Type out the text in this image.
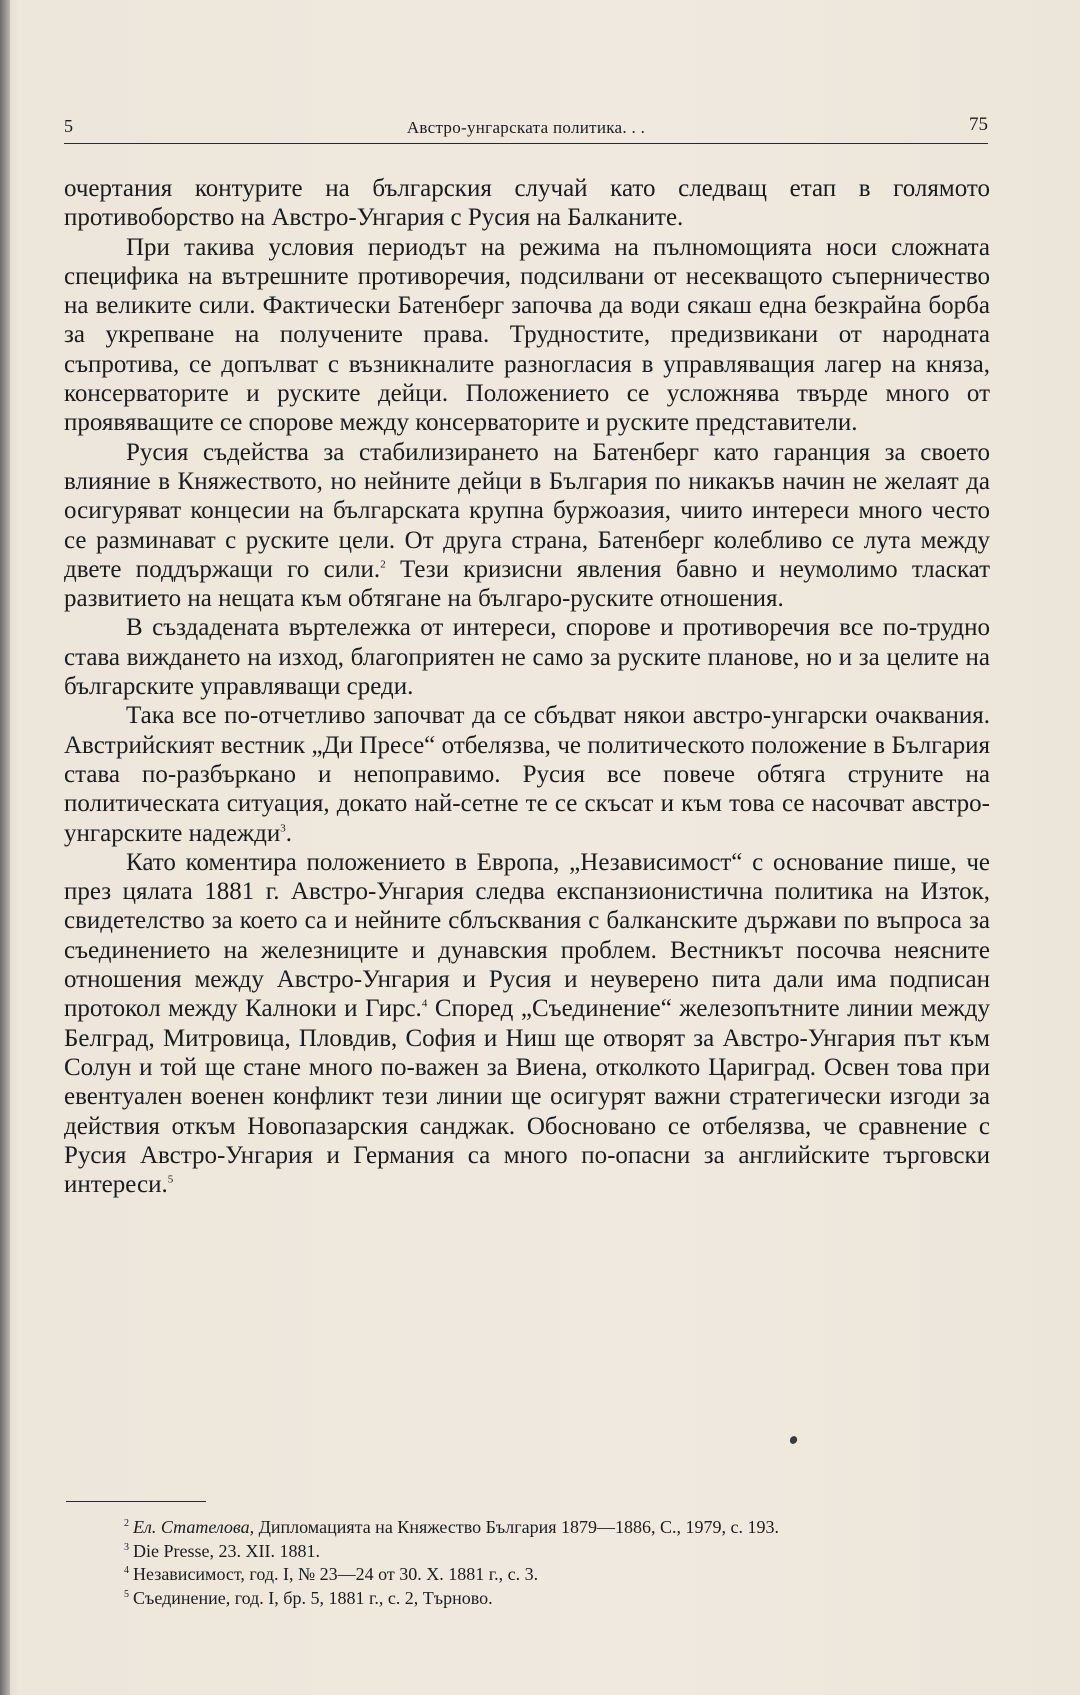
5	Австро-унгарската политика. . .	75

очертания контурите на българския случай като следващ етап в голямото противоборство на Австро-Унгария с Русия на Балканите.

При такива условия периодът на режима на пълномощията носи сложната специфика на вътрешните противоречия, подсилвани от несекващото съперничество на великите сили. Фактически Батенберг започва да води сякаш една безкрайна борба за укрепване на получените права. Трудностите, предизвикани от народната съпротива, се допълват с възникналите разногласия в управляващия лагер на княза, консерваторите и руските дейци. Положението се усложнява твърде много от проявяващите се спорове между консерваторите и руските представители.

Русия съдейства за стабилизирането на Батенберг като гаранция за своето влияние в Княжеството, но нейните дейци в България по никакъв начин не желаят да осигуряват концесии на българската крупна буржоазия, чиито интереси много често се разминават с руските цели. От друга страна, Батенберг колебливо се лута между двете поддържащи го сили.$^2$ Тези кризисни явления бавно и неумолимо тласкат развитието на нещата към обтягане на българо-руските отношения.

В създадената въртележка от интереси, спорове и противоречия все по-трудно става виждането на изход, благоприятен не само за руските планове, но и за целите на българските управляващи среди.

Така все по-отчетливо започват да се сбъдват някои австро-унгарски очаквания. Австрийският вестник „Ди Пресе“ отбелязва, че политическото положение в България става по-разбъркано и непоправимо. Русия все повече обтяга струните на политическата ситуация, докато най-сетне те се скъсат и към това се насочват австро-унгарските надежди$^3$.

Като коментира положението в Европа, „Независимост“ с основание пише, че през цялата 1881 г. Австро-Унгария следва експанзионистична политика на Изток, свидетелство за което са и нейните сблъсквания с балканските държави по въпроса за съединението на железниците и дунавския проблем. Вестникът посочва неясните отношения между Австро-Унгария и Русия и неуверено пита дали има подписан протокол между Калноки и Гирс.$^4$ Според „Съединение“ железопътните линии между Белград, Митровица, Пловдив, София и Ниш ще отворят за Австро-Унгария път към Солун и той ще стане много по-важен за Виена, отколкото Цариград. Освен това при евентуален военен конфликт тези линии ще осигурят важни стратегически изгоди за действия откъм Новопазарския санджак. Обосновано се отбелязва, че сравнение с Русия Австро-Унгария и Германия са много по-опасни за английските търговски интереси.$^5$

$^2$ Ел. Стателова, Дипломацията на Княжество България 1879—1886, С., 1979, с. 193.

$^3$ Die Presse, 23. XII. 1881.

$^4$ Независимост, год. I, № 23—24 от 30. X. 1881 г., с. 3.

$^5$ Съединение, год. I, бр. 5, 1881 г., с. 2, Търново.
